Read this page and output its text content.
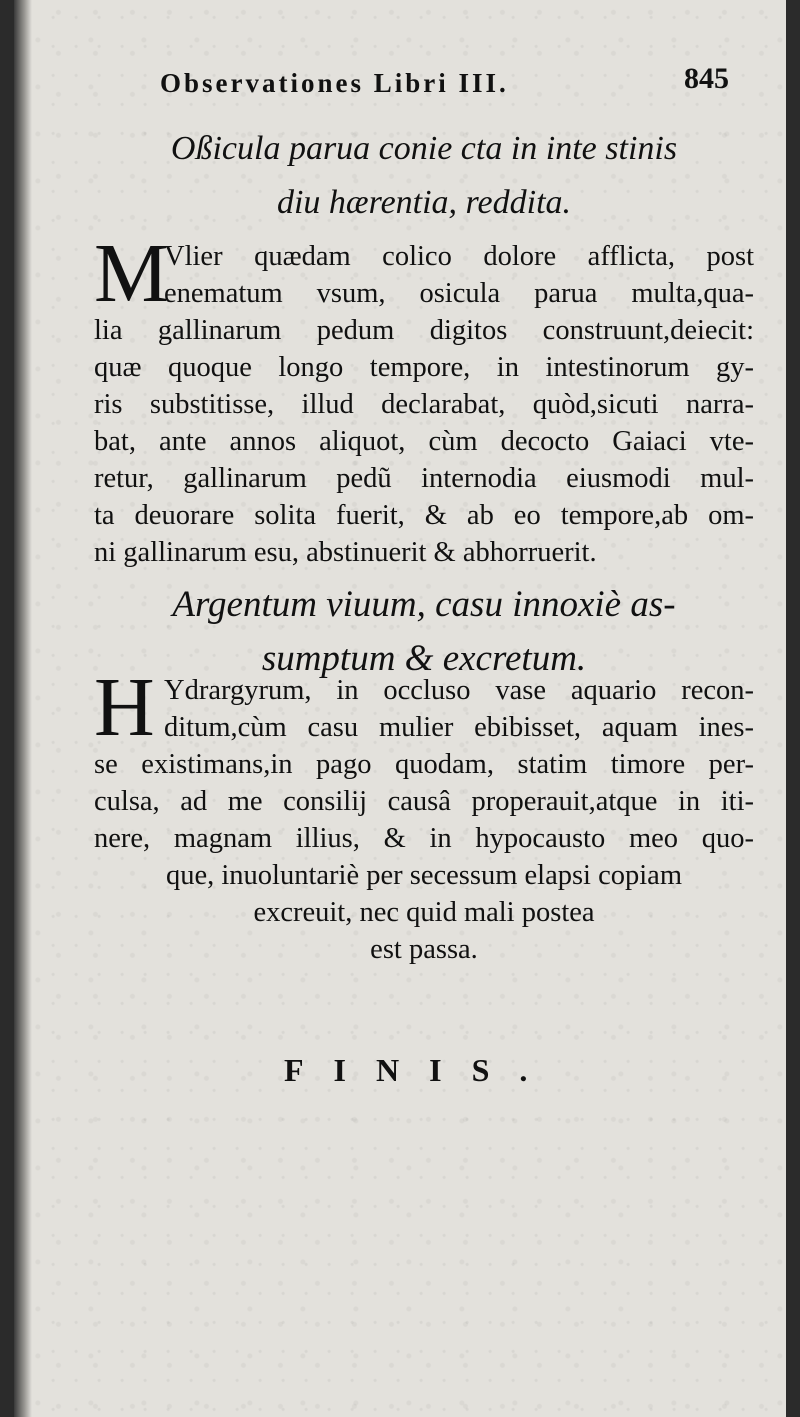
Observationes Libri III.	845
Oßicula parua conie cta in inte stinis
diu hærentia, reddita.
M
Vlier quædam colico dolore afflicta, post
enematum vsum, osicula parua multa,qua-
lia gallinarum pedum digitos construunt,deiecit:
quæ quoque longo tempore, in intestinorum gy-
ris substitisse, illud declarabat, quòd,sicuti narra-
bat, ante annos aliquot, cùm decocto Gaiaci vte-
retur, gallinarum pedũ internodia eiusmodi mul-
ta deuorare solita fuerit, & ab eo tempore,ab om-
ni gallinarum esu, abstinuerit & abhorruerit.
Argentum viuum, casu innoxiè as-
sumptum & excretum.
H Ydrargyrum, in occluso vase aquario recon-
ditum,cùm casu mulier ebibisset, aquam ines-
se existimans,in pago quodam, statim timore per-
culsa, ad me consilij causâ properauit,atque in iti-
nere, magnam illius, & in hypocausto meo quo-
que, inuoluntariè per secessum elapsi copiam
excreuit, nec quid mali postea
est passa.
FINIS.
